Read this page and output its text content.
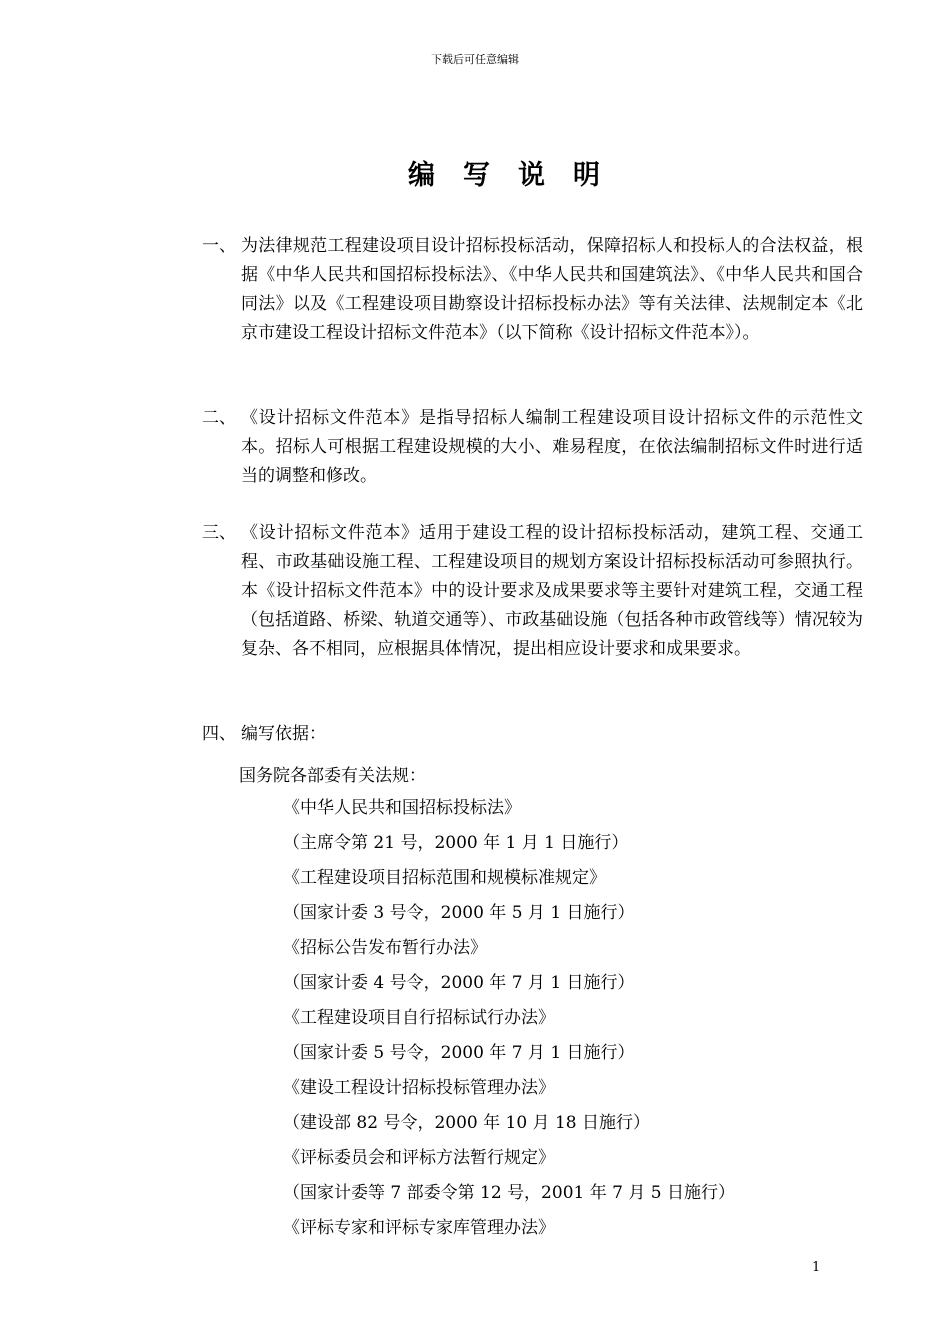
下载后可任意编辑
编写说明
一、 为法律规范工程建设项目设计招标投标活动，保障招标人和投标人的合法权益，根据《中华人民共和国招标投标法》、《中华人民共和国建筑法》、《中华人民共和国合同法》以及《工程建设项目勘察设计招标投标办法》等有关法律、法规制定本《北京市建设工程设计招标文件范本》（以下简称《设计招标文件范本》）。
二、 《设计招标文件范本》是指导招标人编制工程建设项目设计招标文件的示范性文本。招标人可根据工程建设规模的大小、难易程度，在依法编制招标文件时进行适当的调整和修改。
三、 《设计招标文件范本》适用于建设工程的设计招标投标活动，建筑工程、交通工程、市政基础设施工程、工程建设项目的规划方案设计招标投标活动可参照执行。本《设计招标文件范本》中的设计要求及成果要求等主要针对建筑工程，交通工程（包括道路、桥梁、轨道交通等）、市政基础设施（包括各种市政管线等）情况较为复杂、各不相同，应根据具体情况，提出相应设计要求和成果要求。
四、 编写依据：
国务院各部委有关法规：
《中华人民共和国招标投标法》
（主席令第 21 号，2000 年 1 月 1 日施行）
《工程建设项目招标范围和规模标准规定》
（国家计委 3 号令，2000 年 5 月 1 日施行）
《招标公告发布暂行办法》
（国家计委 4 号令，2000 年 7 月 1 日施行）
《工程建设项目自行招标试行办法》
（国家计委 5 号令，2000 年 7 月 1 日施行）
《建设工程设计招标投标管理办法》
（建设部 82 号令，2000 年 10 月 18 日施行）
《评标委员会和评标方法暂行规定》
（国家计委等 7 部委令第 12 号，2001 年 7 月 5 日施行）
《评标专家和评标专家库管理办法》
1
